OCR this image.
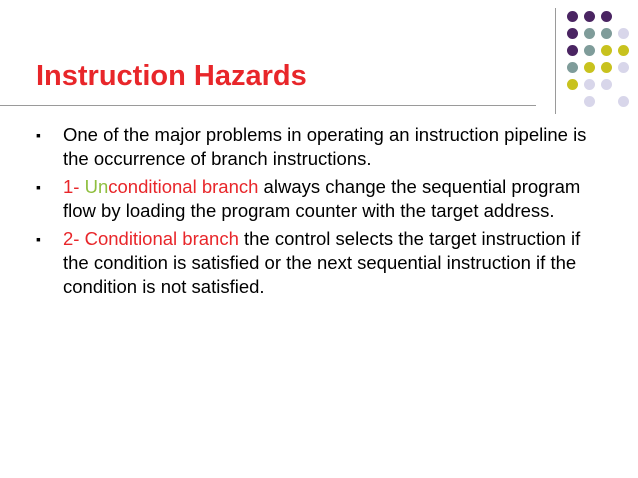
Instruction Hazards
▪ One of the major problems in operating an instruction pipeline is the occurrence of branch instructions.
▪ 1- Unconditional branch always change the sequential program flow by loading the program counter with the target address.
▪ 2- Conditional branch the control selects the target instruction if the condition is satisfied or the next sequential instruction if the condition is not satisfied.
